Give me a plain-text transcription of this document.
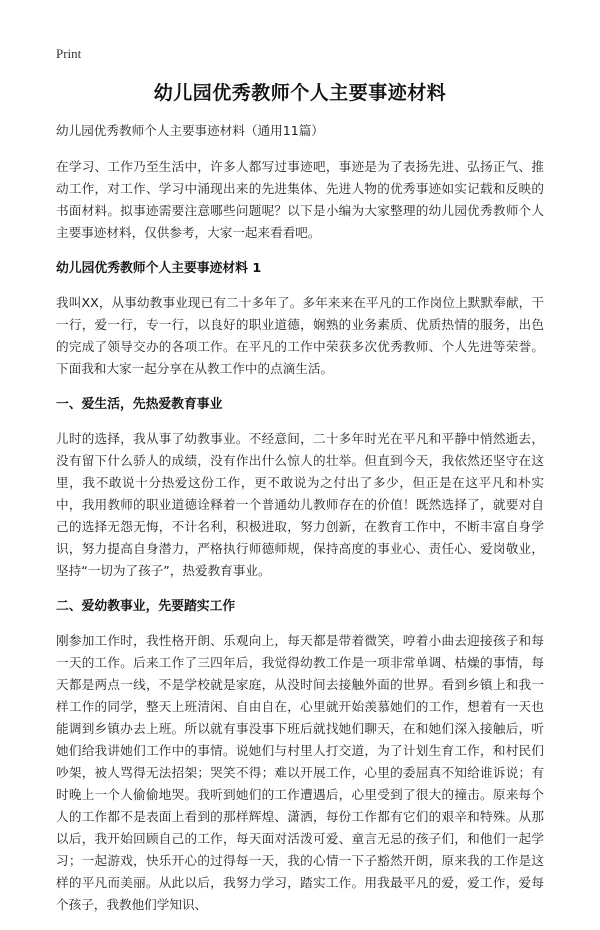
Print
幼儿园优秀教师个人主要事迹材料

幼儿园优秀教师个人主要事迹材料（通用11篇）

在学习、工作乃至生活中，许多人都写过事迹吧，事迹是为了表扬先进、弘扬正气、推动工作，对工作、学习中涌现出来的先进集体、先进人物的优秀事迹如实记载和反映的书面材料。拟事迹需要注意哪些问题呢？以下是小编为大家整理的幼儿园优秀教师个人主要事迹材料，仅供参考，大家一起来看看吧。

幼儿园优秀教师个人主要事迹材料 1

我叫XX，从事幼教事业现已有二十多年了。多年来来在平凡的工作岗位上默默奉献，干一行，爱一行，专一行，以良好的职业道德，娴熟的业务素质、优质热情的服务，出色的完成了领导交办的各项工作。在平凡的工作中荣获多次优秀教师、个人先进等荣誉。下面我和大家一起分享在从教工作中的点滴生活。

一、爱生活，先热爱教育事业

儿时的选择，我从事了幼教事业。不经意间，二十多年时光在平凡和平静中悄然逝去，没有留下什么骄人的成绩，没有作出什么惊人的壮举。但直到今天，我依然还坚守在这里，我不敢说十分热爱这份工作，更不敢说为之付出了多少，但正是在这平凡和朴实中，我用教师的职业道德诠释着一个普通幼儿教师存在的价值！既然选择了，就要对自己的选择无怨无悔，不计名利，积极进取，努力创新，在教育工作中，不断丰富自身学识，努力提高自身潜力，严格执行师德师规，保持高度的事业心、责任心、爱岗敬业，坚持“一切为了孩子”，热爱教育事业。

二、爱幼教事业，先要踏实工作

刚参加工作时，我性格开朗、乐观向上，每天都是带着微笑，哼着小曲去迎接孩子和每一天的工作。后来工作了三四年后，我觉得幼教工作是一项非常单调、枯燥的事情，每天都是两点一线，不是学校就是家庭，从没时间去接触外面的世界。看到乡镇上和我一样工作的同学，整天上班清闲、自由自在，心里就开始羡慕她们的工作，想着有一天也能调到乡镇办去上班。所以就有事没事下班后就找她们聊天，在和她们深入接触后，听她们给我讲她们工作中的事情。说她们与村里人打交道，为了计划生育工作，和村民们吵架，被人骂得无法招架；哭笑不得；难以开展工作，心里的委屈真不知给谁诉说；有时晚上一个人偷偷地哭。我听到她们的工作遭遇后，心里受到了很大的撞击。原来每个人的工作都不是表面上看到的那样辉煌、潇洒，每份工作都有它们的艰辛和特殊。从那以后，我开始回顾自己的工作，每天面对活泼可爱、童言无忌的孩子们，和他们一起学习；一起游戏，快乐开心的过得每一天，我的心情一下子豁然开朗，原来我的工作是这样的平凡而美丽。从此以后，我努力学习，踏实工作。用我最平凡的爱，爱工作，爱每个孩子，我教他们学知识、
